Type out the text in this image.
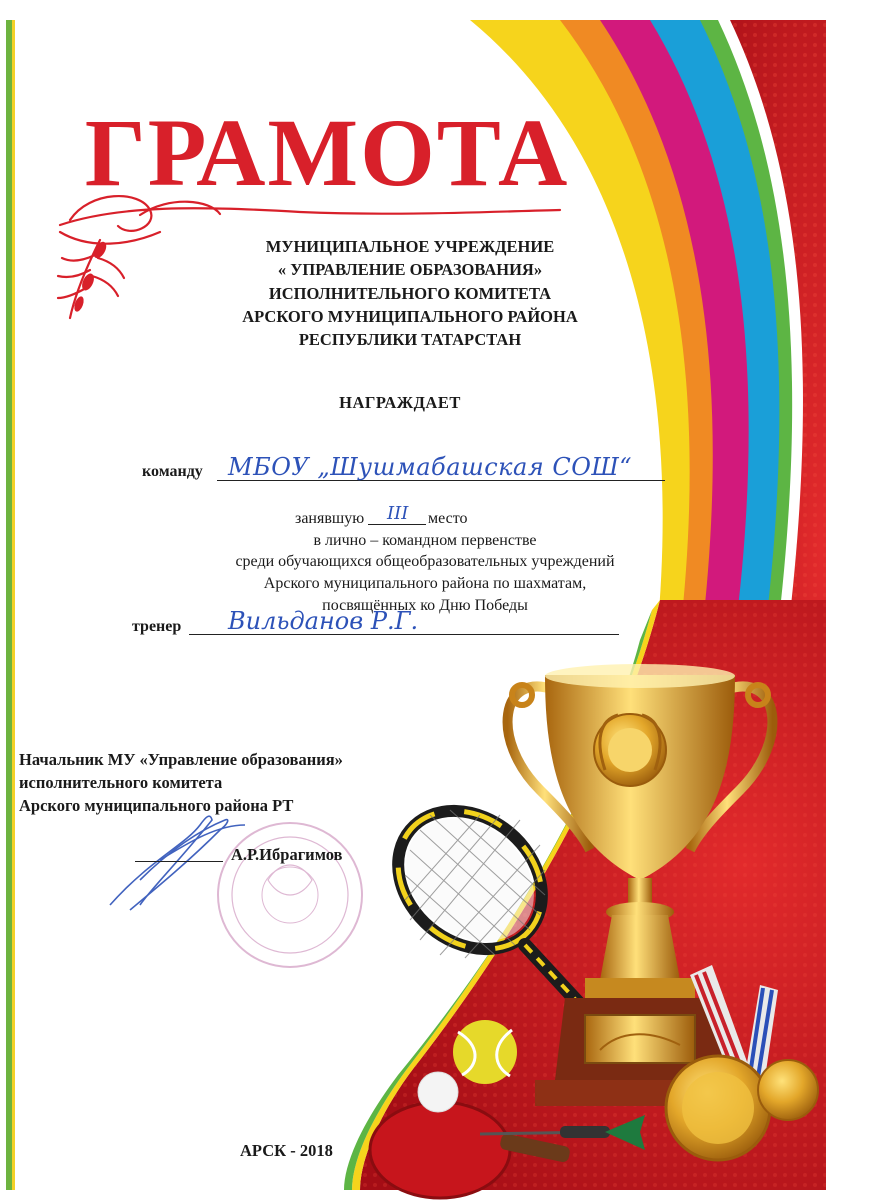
ГРАМОТА
МУНИЦИПАЛЬНОЕ УЧРЕЖДЕНИЕ
« УПРАВЛЕНИЕ ОБРАЗОВАНИЯ»
ИСПОЛНИТЕЛЬНОГО КОМИТЕТА
АРСКОГО МУНИЦИПАЛЬНОГО РАЙОНА
РЕСПУБЛИКИ ТАТАРСТАН
НАГРАЖДАЕТ
команду МБОУ „Шушмабашская СОШ“
занявшую III место
в лично – командном первенстве
среди обучающихся общеобразовательных учреждений
Арского муниципального района по шахматам,
посвящённых ко Дню Победы
тренер Вильданов Р.Г.
Начальник МУ «Управление образования»
исполнительного комитета
Арского муниципального района РТ
А.Р.Ибрагимов
АРСК - 2018
